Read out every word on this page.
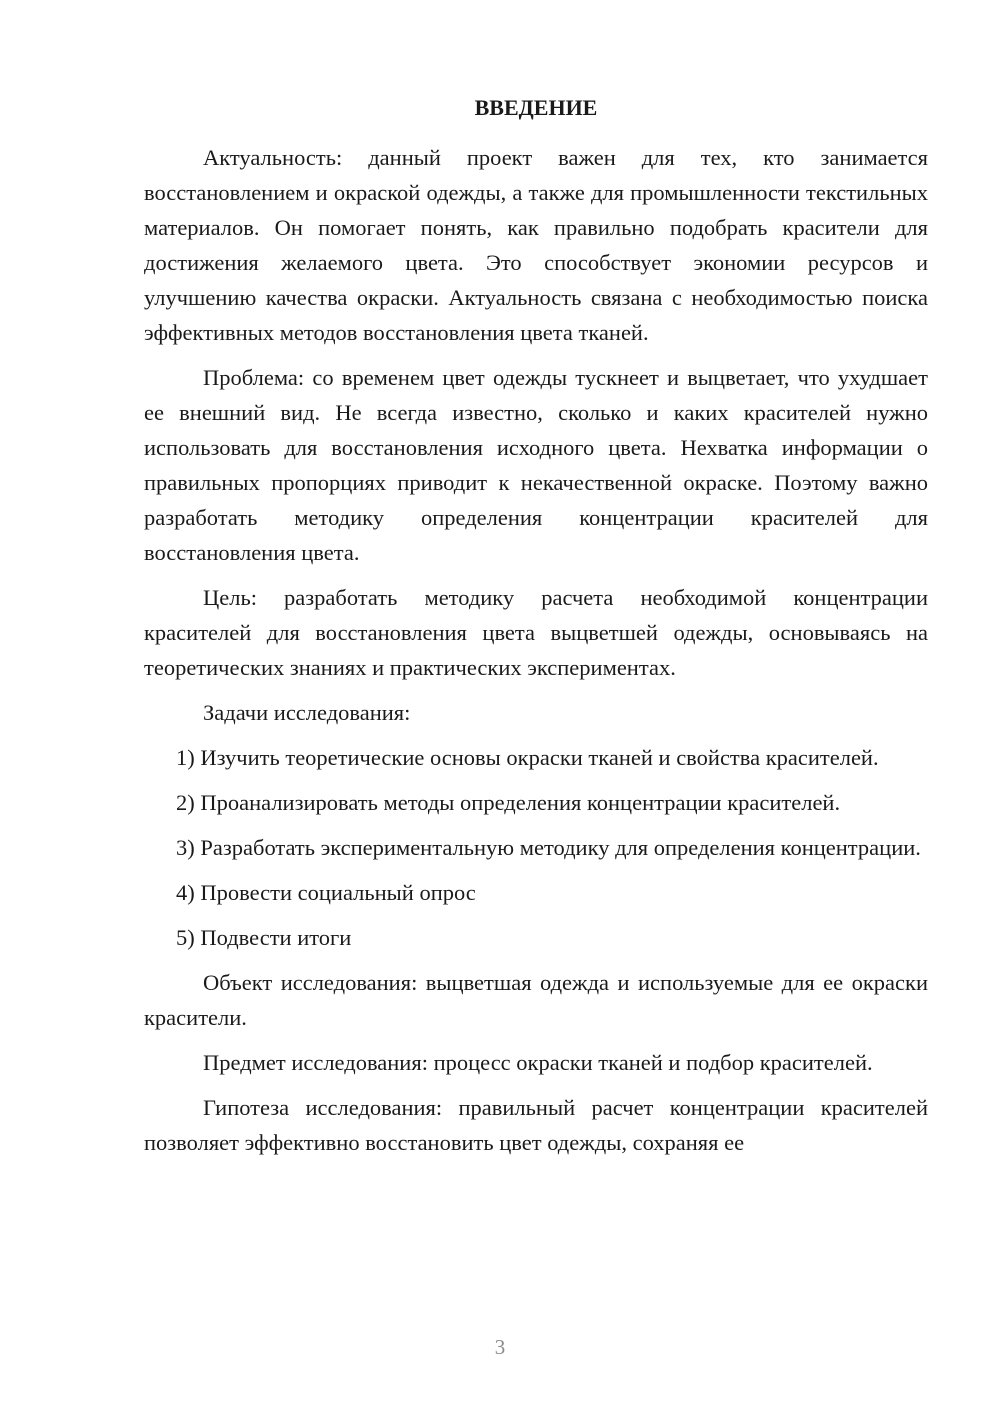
ВВЕДЕНИЕ

Актуальность: данный проект важен для тех, кто занимается восстановлением и окраской одежды, а также для промышленности текстильных материалов. Он помогает понять, как правильно подобрать красители для достижения желаемого цвета. Это способствует экономии ресурсов и улучшению качества окраски. Актуальность связана с необходимостью поиска эффективных методов восстановления цвета тканей.

Проблема: со временем цвет одежды тускнеет и выцветает, что ухудшает ее внешний вид. Не всегда известно, сколько и каких красителей нужно использовать для восстановления исходного цвета. Нехватка информации о правильных пропорциях приводит к некачественной окраске. Поэтому важно разработать методику определения концентрации красителей для восстановления цвета.

Цель: разработать методику расчета необходимой концентрации красителей для восстановления цвета выцветшей одежды, основываясь на теоретических знаниях и практических экспериментах.

Задачи исследования:

1) Изучить теоретические основы окраски тканей и свойства красителей.

2) Проанализировать методы определения концентрации красителей.

3) Разработать экспериментальную методику для определения концентрации.

4) Провести социальный опрос

5) Подвести итоги

Объект исследования: выцветшая одежда и используемые для ее окраски красители.

Предмет исследования: процесс окраски тканей и подбор красителей.

Гипотеза исследования: правильный расчет концентрации красителей позволяет эффективно восстановить цвет одежды, сохраняя ее

3
